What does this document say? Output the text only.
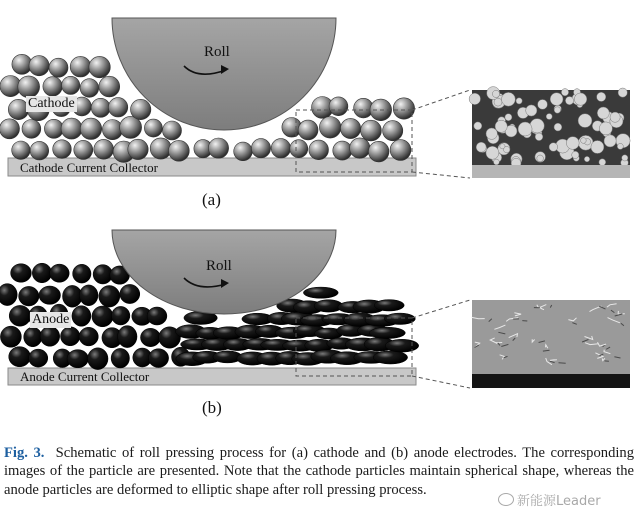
Roll
Cathode
Cathode Current Collector
(a)
Roll
Anode
Anode Current Collector
(b)
Fig. 3. Schematic of roll pressing process for (a) cathode and (b) anode electrodes. The corresponding images of the particle are presented. Note that the cathode particles maintain spherical shape, whereas the anode particles are deformed to elliptic shape after roll pressing process.
新能源Leader
